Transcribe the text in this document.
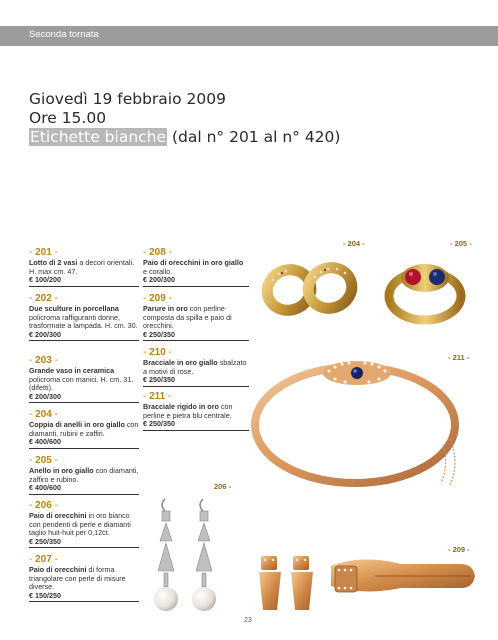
Seconda tornata
Giovedì 19 febbraio 2009
Ore 15.00
Etichette bianche (dal n° 201 al n° 420)
- 201 -
Lotto di 2 vasi a decori orientali. H. max cm. 47.
€ 100/200
- 202 -
Due sculture in porcellana policroma raffiguranti donne, trasformate a lampada. H. cm. 30.
€ 200/300
- 203 -
Grande vaso in ceramica policroma con manici. H. cm. 31. (difetti).
€ 200/300
- 204 -
Coppia di anelli in oro giallo con diamanti, rubini e zaffiri.
€ 400/600
- 205 -
Anello in oro giallo con diamanti, zaffiro e rubino.
€ 400/600
- 206 -
Paio di orecchini in oro bianco con pendenti di perle e diamanti taglio huit-huit per 0,12ct.
€ 250/350
- 207 -
Paio di orecchini di forma triangolare con perle di misure diverse.
€ 150/250
- 208 -
Paio di orecchini in oro giallo e corallo.
€ 200/300
- 209 -
Parure in oro con perline composta da spilla e paio di orecchini.
€ 250/350
- 210 -
Bracciale in oro giallo sbalzato a motivi di rose.
€ 250/350
- 211 -
Bracciale rigido in oro con perline e pietra blu centrale.
€ 250/350
- 204 -	- 205 -
- 211 -
206 -
- 209 -
23
